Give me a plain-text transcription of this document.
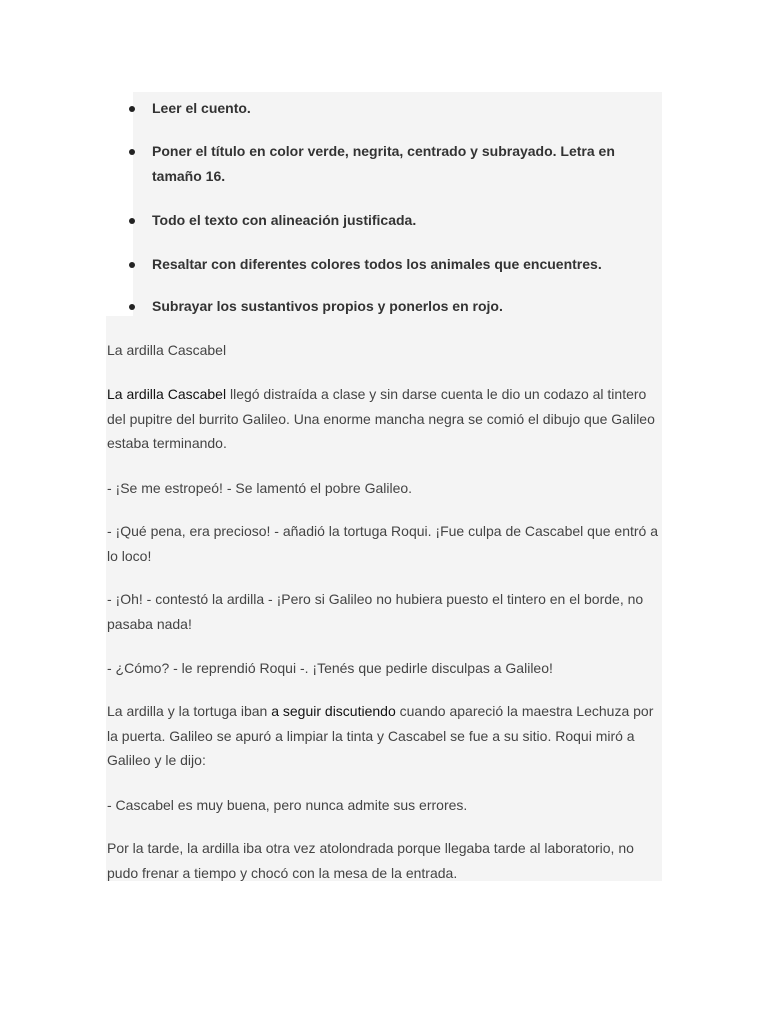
Leer el cuento.
Poner el título en color verde, negrita, centrado y subrayado. Letra en tamaño 16.
Todo el texto con alineación justificada.
Resaltar con diferentes colores todos los animales que encuentres.
Subrayar los sustantivos propios y ponerlos en rojo.

La ardilla Cascabel

La ardilla Cascabel llegó distraída a clase y sin darse cuenta le dio un codazo al tintero del pupitre del burrito Galileo. Una enorme mancha negra se comió el dibujo que Galileo estaba terminando.

- ¡Se me estropeó! - Se lamentó el pobre Galileo.

- ¡Qué pena, era precioso! - añadió la tortuga Roqui. ¡Fue culpa de Cascabel que entró a lo loco!

- ¡Oh! - contestó la ardilla - ¡Pero si Galileo no hubiera puesto el tintero en el borde, no pasaba nada!

- ¿Cómo? - le reprendió Roqui -. ¡Tenés que pedirle disculpas a Galileo!

La ardilla y la tortuga iban a seguir discutiendo cuando apareció la maestra Lechuza por la puerta. Galileo se apuró a limpiar la tinta y Cascabel se fue a su sitio. Roqui miró a Galileo y le dijo:

- Cascabel es muy buena, pero nunca admite sus errores.

Por la tarde, la ardilla iba otra vez atolondrada porque llegaba tarde al laboratorio, no pudo frenar a tiempo y chocó con la mesa de la entrada.
